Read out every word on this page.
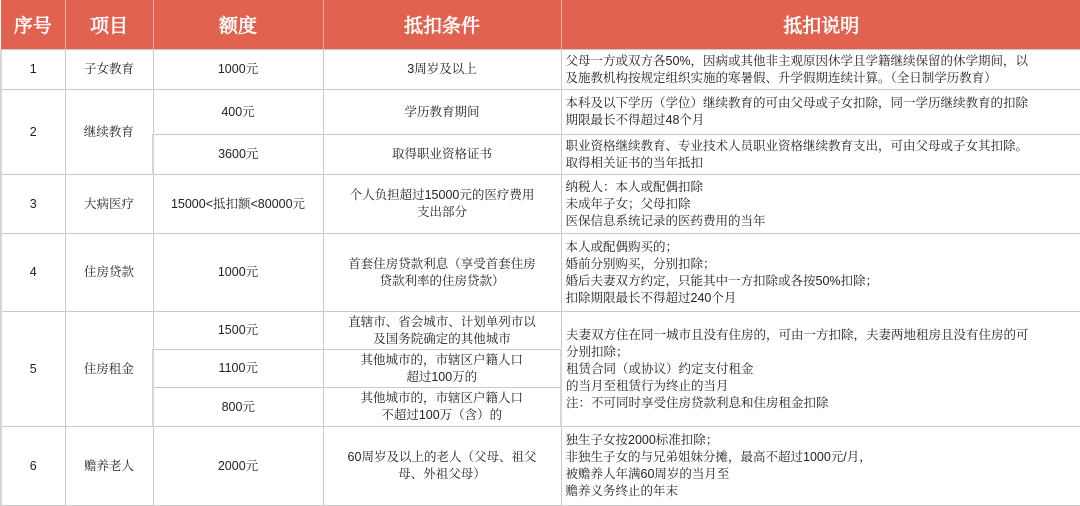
序号	项目	额度	抵扣条件	抵扣说明
1	子女教育	1000元	3周岁及以上	父母一方或双方各50%，因病或其他非主观原因休学且学籍继续保留的休学期间，以
及施教机构按规定组织实施的寒暑假、升学假期连续计算。（全日制学历教育）

2	继续教育	400元	学历教育期间	本科及以下学历（学位）继续教育的可由父母或子女扣除，同一学历继续教育的扣除
期限最长不得超过48个月

		3600元	取得职业资格证书	职业资格继续教育、专业技术人员职业资格继续教育支出，可由父母或子女其扣除。
取得相关证书的当年抵扣

3	大病医疗	15000<抵扣额<80000元	个人负担超过15000元的医疗费用
支出部分	纳税人：本人或配偶扣除
未成年子女；父母扣除
医保信息系统记录的医药费用的当年

4	住房贷款	1000元	首套住房贷款利息（享受首套住房
贷款利率的住房贷款）	本人或配偶购买的；
婚前分别购买，分别扣除；
婚后夫妻双方约定，只能其中一方扣除或各按50%扣除；
扣除期限最长不得超过240个月

5	住房租金	1500元	直辖市、省会城市、计划单列市以
及国务院确定的其他城市	夫妻双方住在同一城市且没有住房的，可由一方扣除，夫妻两地租房且没有住房的可
分别扣除；
租赁合同（或协议）约定支付租金
的当月至租赁行为终止的当月
注：不可同时享受住房贷款利息和住房租金扣除

		1100元	其他城市的，市辖区户籍人口
超过100万的	

		800元	其他城市的，市辖区户籍人口
不超过100万（含）的	

6	赡养老人	2000元	60周岁及以上的老人（父母、祖父
母、外祖父母）	独生子女按2000标准扣除；
非独生子女的与兄弟姐妹分摊，最高不超过1000元/月，
被赡养人年满60周岁的当月至
赡养义务终止的年末
